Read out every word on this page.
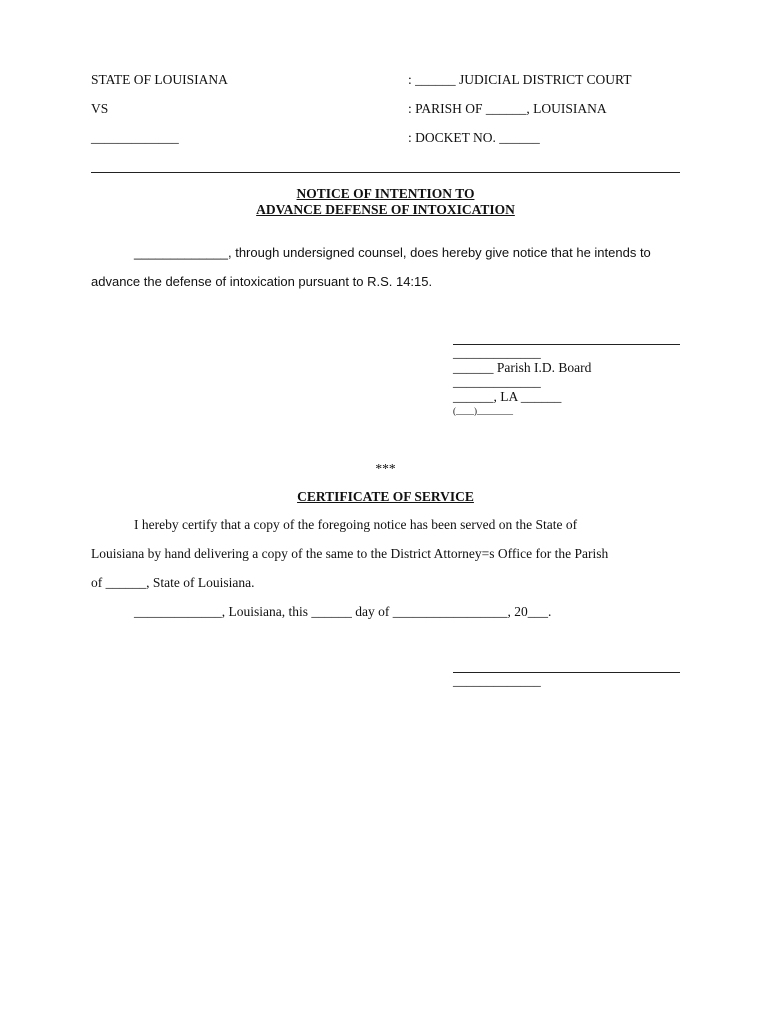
STATE OF LOUISIANA
VS
_____________
: ______ JUDICIAL DISTRICT COURT
: PARISH OF ______, LOUISIANA
: DOCKET NO. ______
NOTICE OF INTENTION TO
ADVANCE DEFENSE OF INTOXICATION
_____________, through undersigned counsel, does hereby give notice that he intends to
advance the defense of intoxication pursuant to R.S. 14:15.
_____________
______ Parish I.D. Board
_____________
______, LA ______
(____)________
***
CERTIFICATE OF SERVICE
I hereby certify that a copy of the foregoing notice has been served on the State of
Louisiana by hand delivering a copy of the same to the District Attorney=s Office for the Parish
of ______, State of Louisiana.
_____________, Louisiana, this ______ day of _________________, 20___.
_____________
